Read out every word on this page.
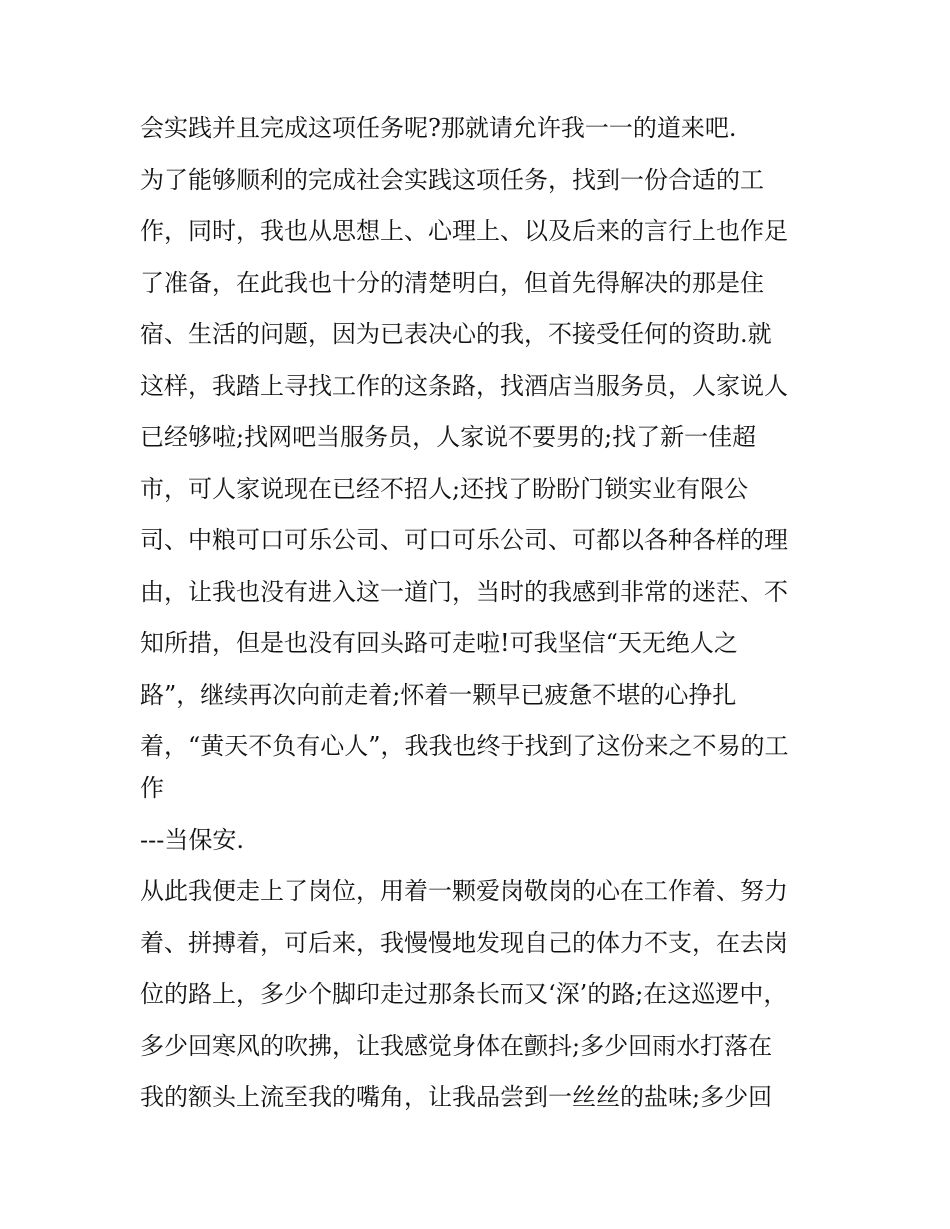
会实践并且完成这项任务呢?那就请允许我一一的道来吧.
为了能够顺利的完成社会实践这项任务，找到一份合适的工
作，同时，我也从思想上、心理上、以及后来的言行上也作足
了准备，在此我也十分的清楚明白，但首先得解决的那是住
宿、生活的问题，因为已表决心的我，不接受任何的资助.就
这样，我踏上寻找工作的这条路，找酒店当服务员，人家说人
已经够啦;找网吧当服务员，人家说不要男的;找了新一佳超
市，可人家说现在已经不招人;还找了盼盼门锁实业有限公
司、中粮可口可乐公司、可口可乐公司、可都以各种各样的理
由，让我也没有进入这一道门，当时的我感到非常的迷茫、不
知所措，但是也没有回头路可走啦!可我坚信“天无绝人之
路”，继续再次向前走着;怀着一颗早已疲惫不堪的心挣扎
着，“黄天不负有心人”，我我也终于找到了这份来之不易的工
作
---当保安.
从此我便走上了岗位，用着一颗爱岗敬岗的心在工作着、努力
着、拼搏着，可后来，我慢慢地发现自己的体力不支，在去岗
位的路上，多少个脚印走过那条长而又‘深’的路;在这巡逻中，
多少回寒风的吹拂，让我感觉身体在颤抖;多少回雨水打落在
我的额头上流至我的嘴角，让我品尝到一丝丝的盐味;多少回
